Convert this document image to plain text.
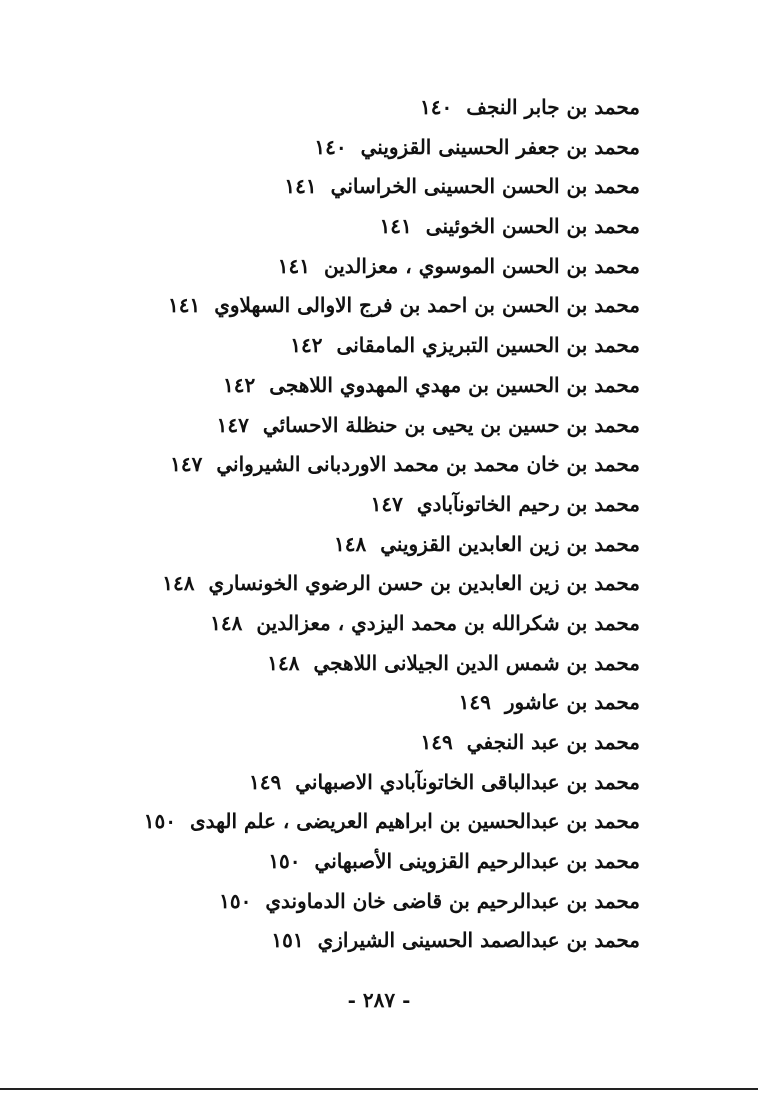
محمد بن جابر النجف١٤٠
محمد بن جعفر الحسينى القزويني١٤٠
محمد بن الحسن الحسينى الخراساني١٤١
محمد بن الحسن الخوئينى١٤١
محمد بن الحسن الموسوي ، معزالدين١٤١
محمد بن الحسن بن احمد بن فرج الاوالى السهلاوي١٤١
محمد بن الحسين التبريزي المامقانى١٤٢
محمد بن الحسين بن مهدي المهدوي اللاهجى١٤٢
محمد بن حسين بن يحيى بن حنظلة الاحسائي١٤٧
محمد بن خان محمد بن محمد الاوردبانى الشيرواني١٤٧
محمد بن رحيم الخاتونآبادي١٤٧
محمد بن زين العابدين القزويني١٤٨
محمد بن زين العابدين بن حسن الرضوي الخونساري١٤٨
محمد بن شكرالله بن محمد اليزدي ، معزالدين١٤٨
محمد بن شمس الدين الجيلانى اللاهجي١٤٨
محمد بن عاشور١٤٩
محمد بن عبد النجفي١٤٩
محمد بن عبدالباقى الخاتونآبادي الاصبهاني١٤٩
محمد بن عبدالحسين بن ابراهيم العريضى ، علم الهدى١٥٠
محمد بن عبدالرحيم القزوينى الأصبهاني١٥٠
محمد بن عبدالرحيم بن قاضى خان الدماوندي١٥٠
محمد بن عبدالصمد الحسينى الشيرازي١٥١
- ٢٨٧ -
